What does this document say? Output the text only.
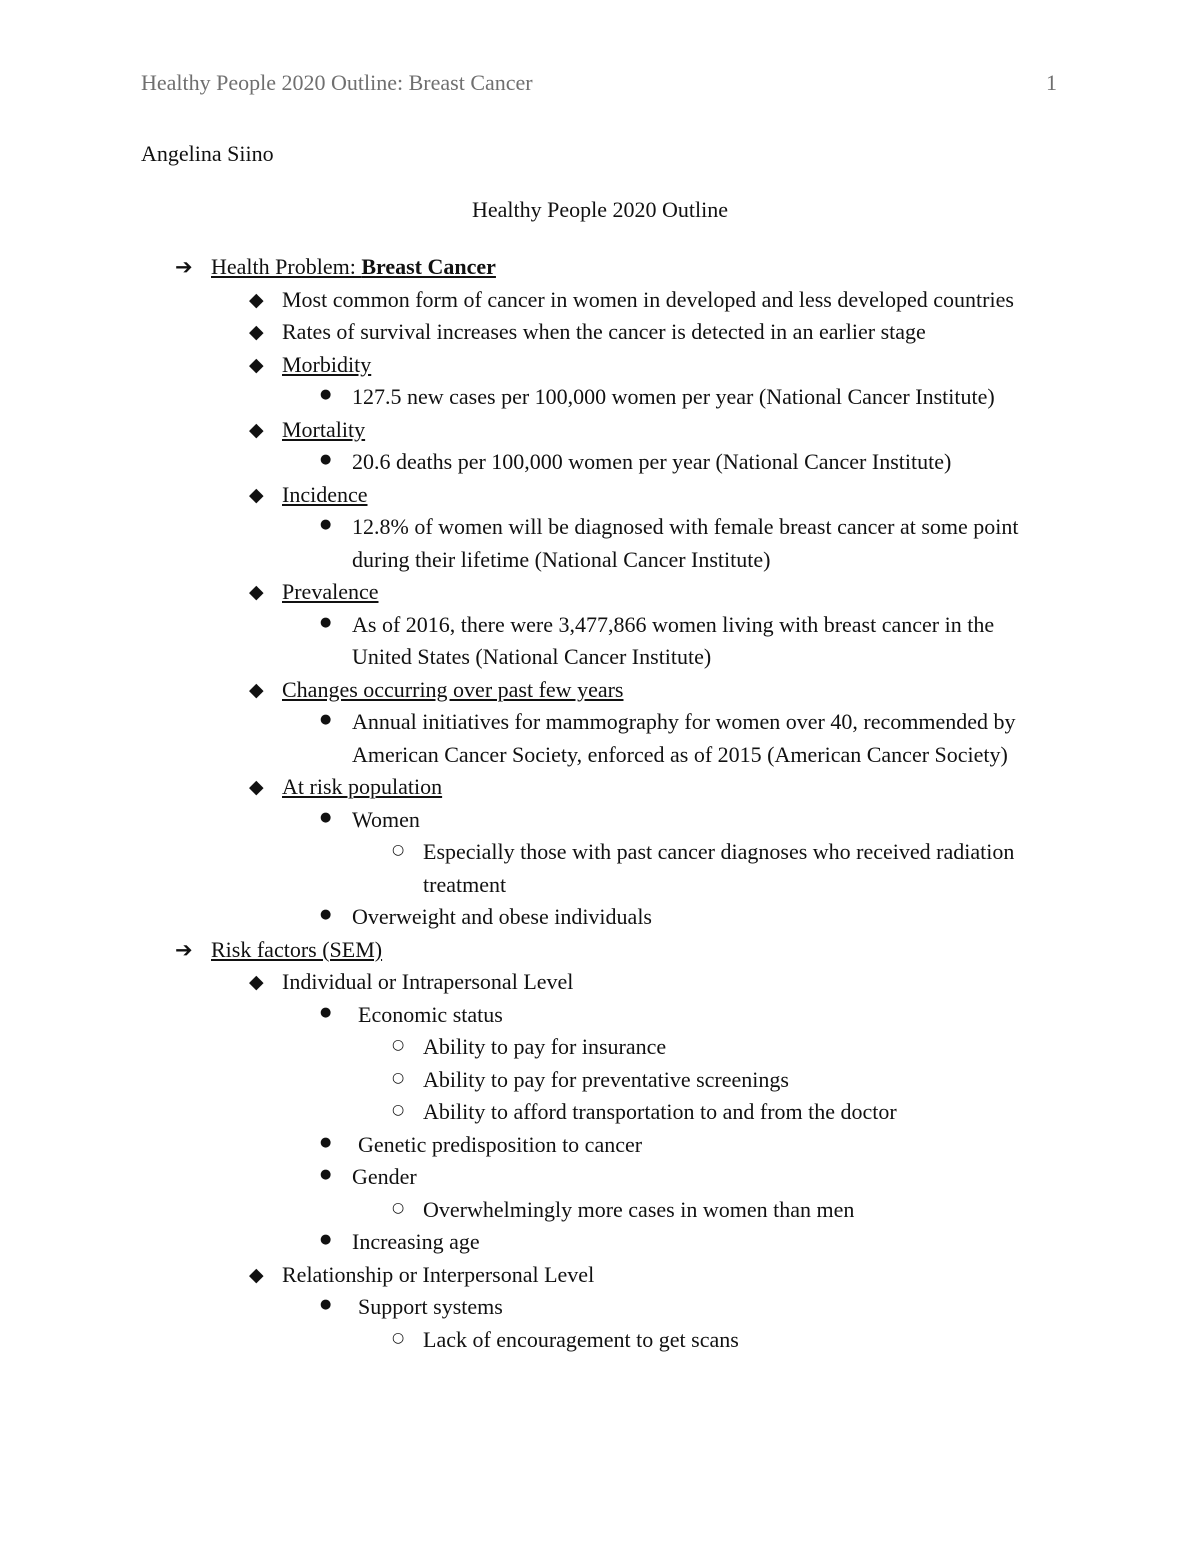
Healthy People 2020 Outline: Breast Cancer	1
Angelina Siino
Healthy People 2020 Outline
➔ Health Problem: Breast Cancer
◆ Most common form of cancer in women in developed and less developed countries
◆ Rates of survival increases when the cancer is detected in an earlier stage
◆ Morbidity
● 127.5 new cases per 100,000 women per year (National Cancer Institute)
◆ Mortality
● 20.6 deaths per 100,000 women per year (National Cancer Institute)
◆ Incidence
● 12.8% of women will be diagnosed with female breast cancer at some point during their lifetime (National Cancer Institute)
◆ Prevalence
● As of 2016, there were 3,477,866 women living with breast cancer in the United States (National Cancer Institute)
◆ Changes occurring over past few years
● Annual initiatives for mammography for women over 40, recommended by American Cancer Society, enforced as of 2015 (American Cancer Society)
◆ At risk population
● Women
○ Especially those with past cancer diagnoses who received radiation treatment
● Overweight and obese individuals
➔ Risk factors (SEM)
◆ Individual or Intrapersonal Level
●	Economic status
○ Ability to pay for insurance
○ Ability to pay for preventative screenings
○ Ability to afford transportation to and from the doctor
●	Genetic predisposition to cancer
● Gender
○ Overwhelmingly more cases in women than men
● Increasing age
◆ Relationship or Interpersonal Level
●	Support systems
○ Lack of encouragement to get scans
